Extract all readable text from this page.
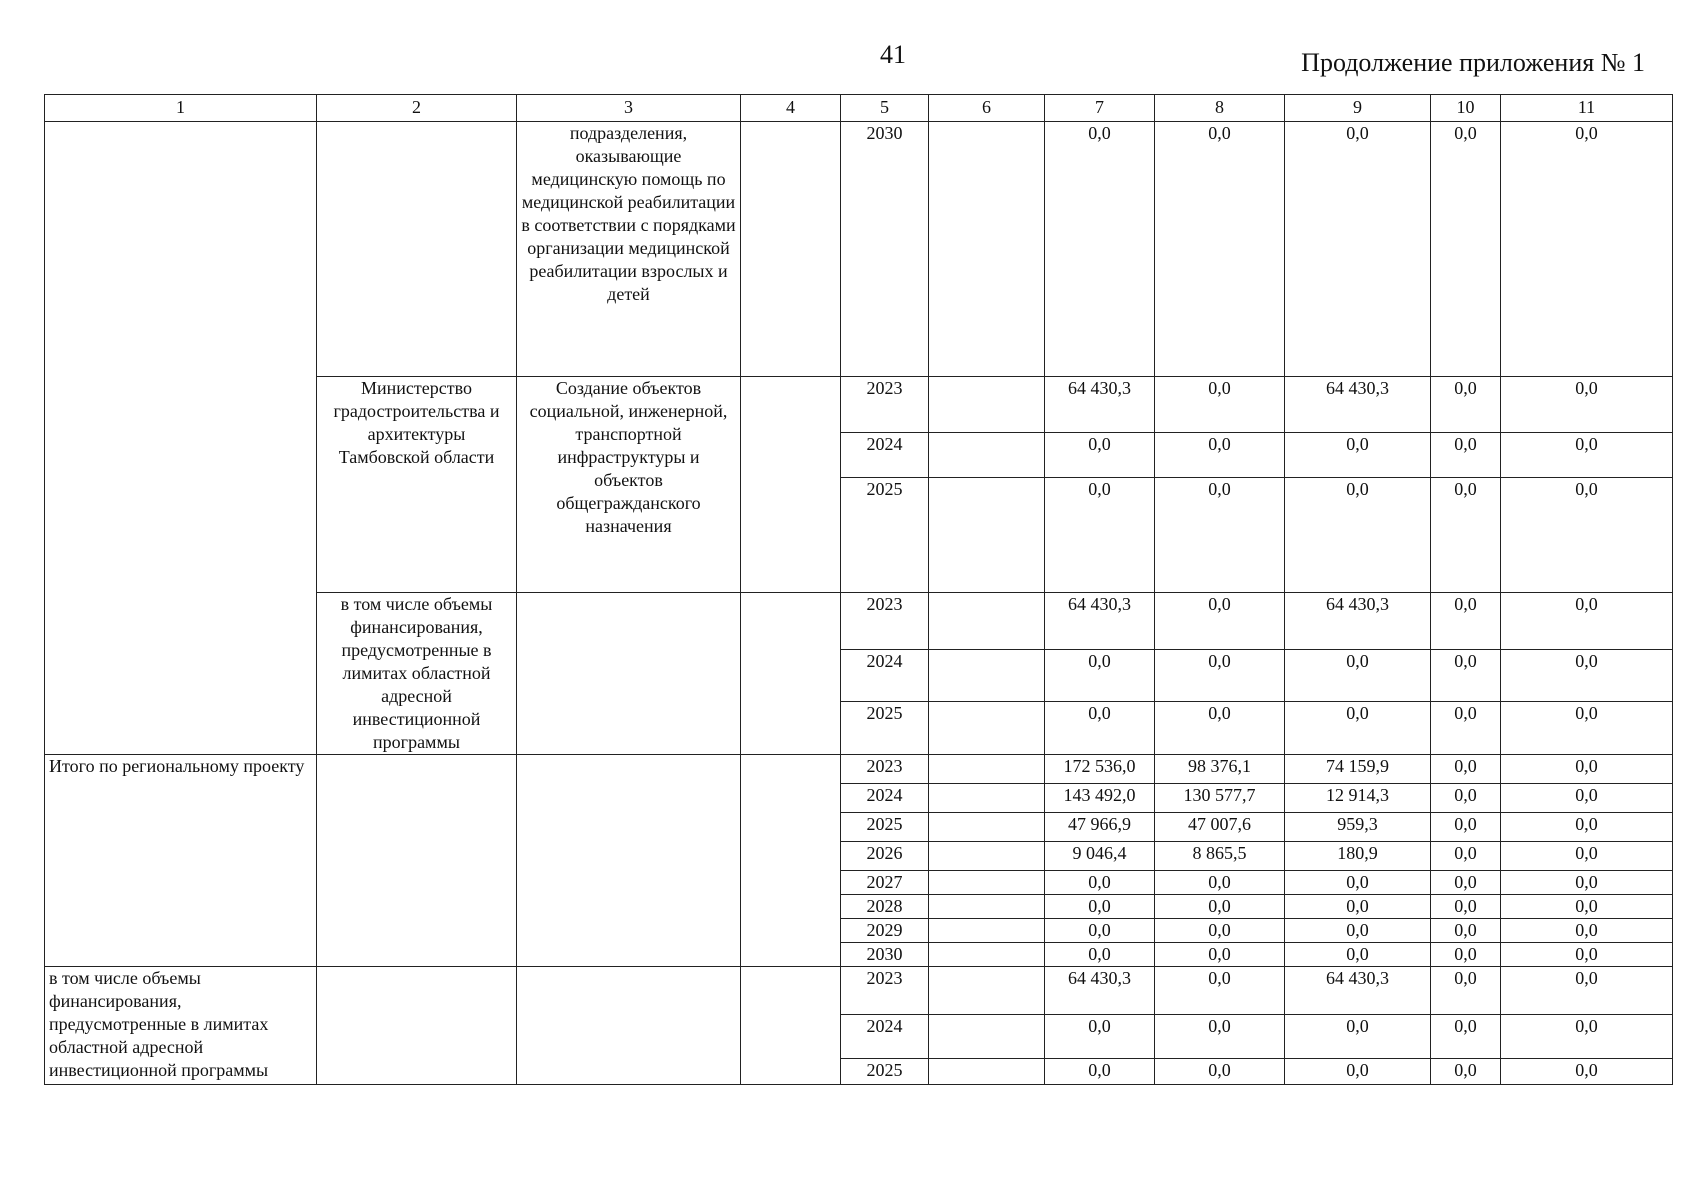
41	Продолжение приложения № 1
1	2	3	4	5	6	7	8	9	10	11
		подразделения, оказывающие медицинскую помощь по медицинской реабилитации в соответствии с порядками организации медицинской реабилитации взрослых и детей		2030		0,0	0,0	0,0	0,0	0,0
	Министерство градостроительства и архитектуры Тамбовской области	Создание объектов социальной, инженерной, транспортной инфраструктуры и объектов общегражданского назначения		2023		64 430,3	0,0	64 430,3	0,0	0,0
				2024		0,0	0,0	0,0	0,0	0,0
				2025		0,0	0,0	0,0	0,0	0,0
	в том числе объемы финансирования, предусмотренные в лимитах областной адресной инвестиционной программы			2023		64 430,3	0,0	64 430,3	0,0	0,0
				2024		0,0	0,0	0,0	0,0	0,0
				2025		0,0	0,0	0,0	0,0	0,0
Итого по региональному проекту				2023		172 536,0	98 376,1	74 159,9	0,0	0,0
				2024		143 492,0	130 577,7	12 914,3	0,0	0,0
				2025		47 966,9	47 007,6	959,3	0,0	0,0
				2026		9 046,4	8 865,5	180,9	0,0	0,0
				2027		0,0	0,0	0,0	0,0	0,0
				2028		0,0	0,0	0,0	0,0	0,0
				2029		0,0	0,0	0,0	0,0	0,0
				2030		0,0	0,0	0,0	0,0	0,0
в том числе объемы финансирования, предусмотренные в лимитах областной адресной инвестиционной программы				2023		64 430,3	0,0	64 430,3	0,0	0,0
				2024		0,0	0,0	0,0	0,0	0,0
				2025		0,0	0,0	0,0	0,0	0,0
